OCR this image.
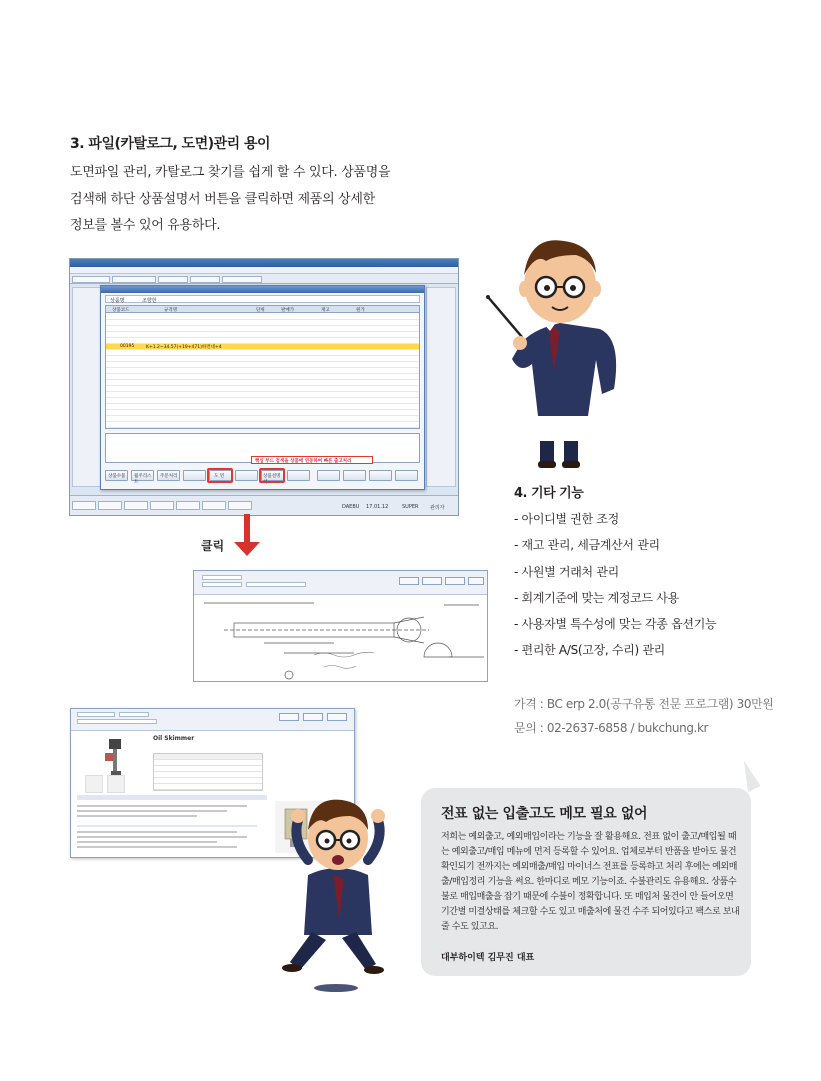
3. 파일(카탈로그, 도면)관리 용이
도면파일 관리, 카탈로그 찾기를 쉽게 할 수 있다. 상품명을
검색해 하단 상품설명서 버튼을 클릭하면 제품의 상세한
정보를 볼수 있어 유용하다.
상품명	조향헌
상품코드	규격명	단위	판매가	재고	원가
00195	K+1.2~34.57(+19+471)하면대+4
핵심 부드 검색을 상품에 연동하여 빠른 출고처리
상품수불 월주리스트
주문처리	도 면	상품설명서
DAEBU 17.01.12	SUPER 관리자
클릭
Oil Skimmer
4. 기타 기능
- 아이디별 권한 조정
- 재고 관리, 세금계산서 관리
- 사원별 거래처 관리
- 회계기준에 맞는 계정코드 사용
- 사용자별 특수성에 맞는 각종 옵션기능
- 편리한 A/S(고장, 수리) 관리
가격 : BC erp 2.0(공구유통 전문 프로그램) 30만원
문의 : 02-2637-6858 / bukchung.kr
전표 없는 입출고도 메모 필요 없어
저희는 예외출고, 예외매입이라는 기능을 잘 활용해요. 전표 없이 출고/매입될 때는 예외출고/매입 메뉴에 먼저 등록할 수 있어요. 업체로부터 반품을 받아도 물건 확인되기 전까지는 예외매출/매입 마이너스 전표를 등록하고 처리 후에는 예외매출/매입정리 기능을 써요. 한마디로 메모 기능이죠. 수불관리도 유용해요. 상품수불로 매입매출을 잡기 때문에 수불이 정확합니다. 또 매입처 물건이 안 들어오면 기간별 미결상태를 체크할 수도 있고 매출처에 물건 수주 되어있다고 팩스로 보내줄 수도 있고요.
대부하이텍 김무진 대표
